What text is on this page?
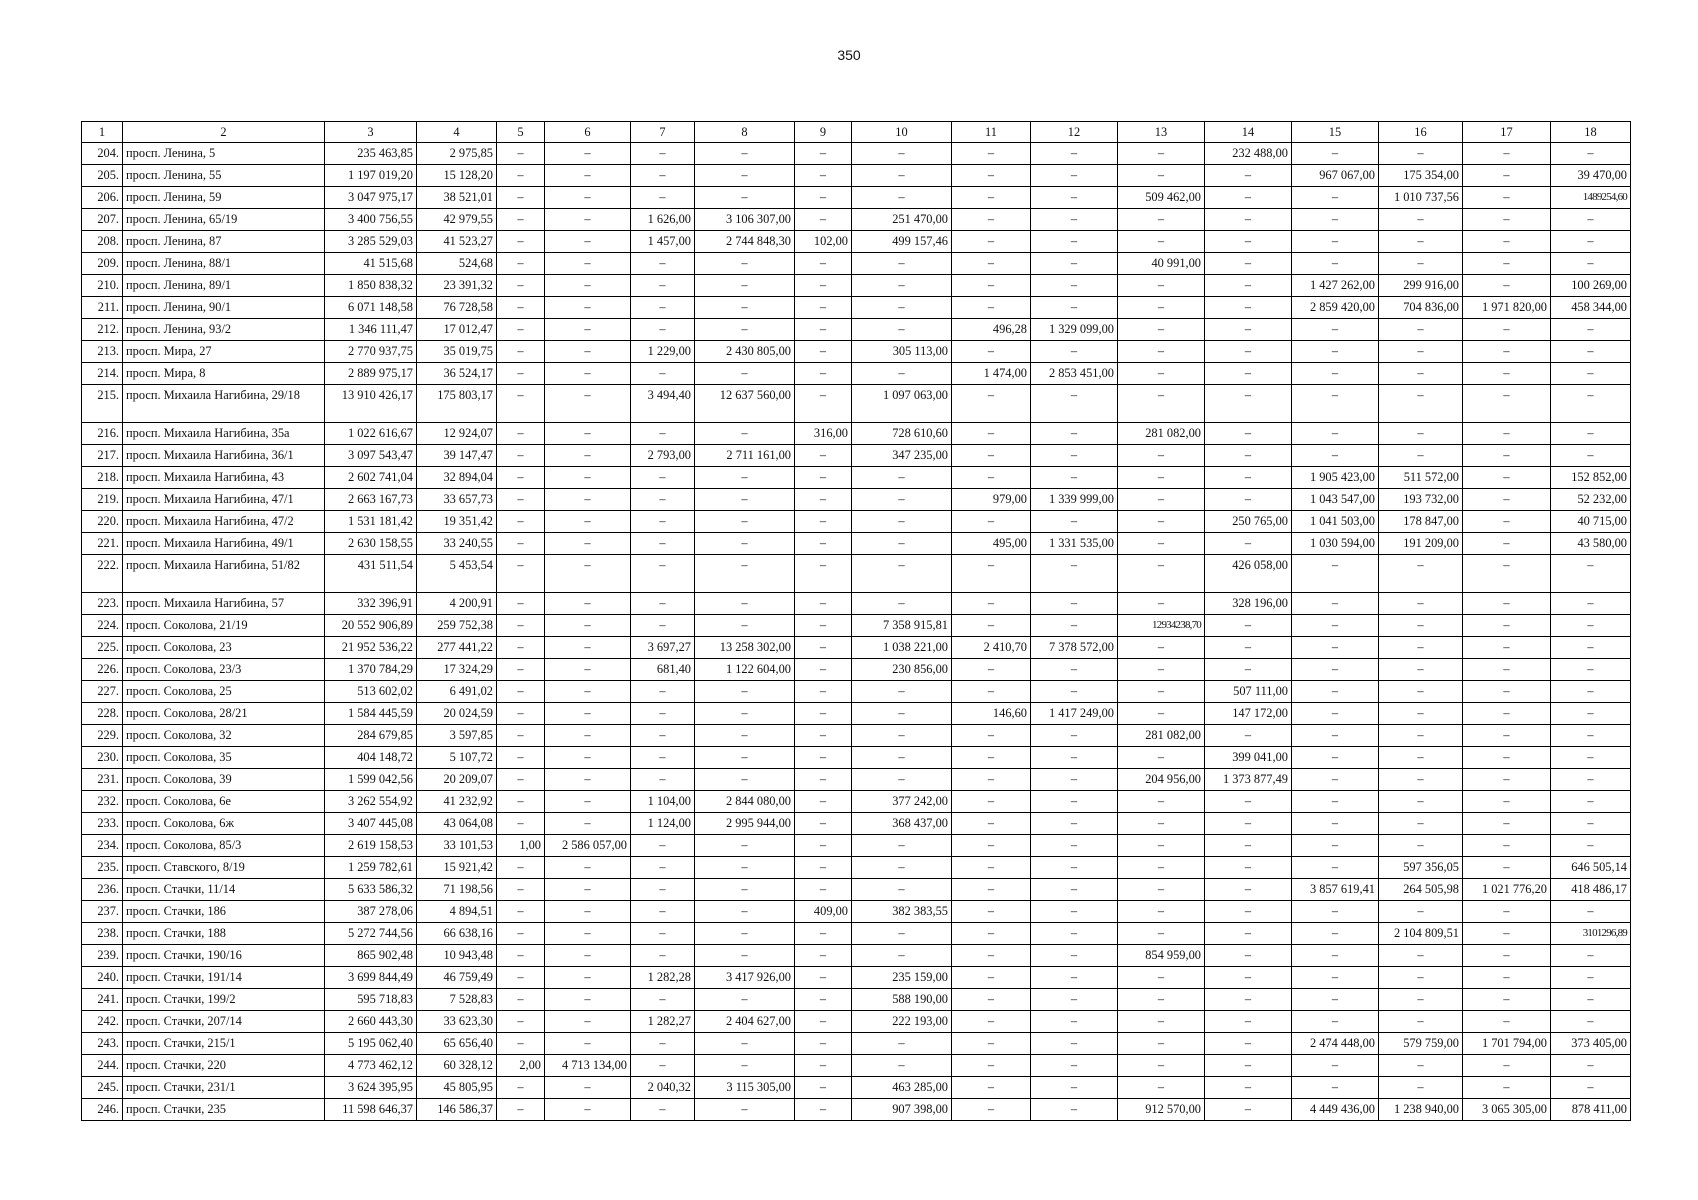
350
1	2	3	4	5	6	7	8	9	10	11	12	13	14	15	16	17	18
204.	просп. Ленина, 5	235 463,85	2 975,85	–	–	–	–	–	–	–	–	–	232 488,00	–	–	–	–
205.	просп. Ленина, 55	1 197 019,20	15 128,20	–	–	–	–	–	–	–	–	–	–	967 067,00	175 354,00	–	39 470,00
206.	просп. Ленина, 59	3 047 975,17	38 521,01	–	–	–	–	–	–	–	–	509 462,00	–	–	1 010 737,56	–	1489254,60
207.	просп. Ленина, 65/19	3 400 756,55	42 979,55	–	–	1 626,00	3 106 307,00	–	251 470,00	–	–	–	–	–	–	–	–
208.	просп. Ленина, 87	3 285 529,03	41 523,27	–	–	1 457,00	2 744 848,30	102,00	499 157,46	–	–	–	–	–	–	–	–
209.	просп. Ленина, 88/1	41 515,68	524,68	–	–	–	–	–	–	–	–	40 991,00	–	–	–	–	–
210.	просп. Ленина, 89/1	1 850 838,32	23 391,32	–	–	–	–	–	–	–	–	–	–	1 427 262,00	299 916,00	–	100 269,00
211.	просп. Ленина, 90/1	6 071 148,58	76 728,58	–	–	–	–	–	–	–	–	–	–	2 859 420,00	704 836,00	1 971 820,00	458 344,00
212.	просп. Ленина, 93/2	1 346 111,47	17 012,47	–	–	–	–	–	–	496,28	1 329 099,00	–	–	–	–	–	–
213.	просп. Мира, 27	2 770 937,75	35 019,75	–	–	1 229,00	2 430 805,00	–	305 113,00	–	–	–	–	–	–	–	–
214.	просп. Мира, 8	2 889 975,17	36 524,17	–	–	–	–	–	–	1 474,00	2 853 451,00	–	–	–	–	–	–
215.	просп. Михаила Нагибина, 29/18	13 910 426,17	175 803,17	–	–	3 494,40	12 637 560,00	–	1 097 063,00	–	–	–	–	–	–	–	–
216.	просп. Михаила Нагибина, 35а	1 022 616,67	12 924,07	–	–	–	–	316,00	728 610,60	–	–	281 082,00	–	–	–	–	–
217.	просп. Михаила Нагибина, 36/1	3 097 543,47	39 147,47	–	–	2 793,00	2 711 161,00	–	347 235,00	–	–	–	–	–	–	–	–
218.	просп. Михаила Нагибина, 43	2 602 741,04	32 894,04	–	–	–	–	–	–	–	–	–	–	1 905 423,00	511 572,00	–	152 852,00
219.	просп. Михаила Нагибина, 47/1	2 663 167,73	33 657,73	–	–	–	–	–	–	979,00	1 339 999,00	–	–	1 043 547,00	193 732,00	–	52 232,00
220.	просп. Михаила Нагибина, 47/2	1 531 181,42	19 351,42	–	–	–	–	–	–	–	–	–	250 765,00	1 041 503,00	178 847,00	–	40 715,00
221.	просп. Михаила Нагибина, 49/1	2 630 158,55	33 240,55	–	–	–	–	–	–	495,00	1 331 535,00	–	–	1 030 594,00	191 209,00	–	43 580,00
222.	просп. Михаила Нагибина, 51/82	431 511,54	5 453,54	–	–	–	–	–	–	–	–	–	426 058,00	–	–	–	–
223.	просп. Михаила Нагибина, 57	332 396,91	4 200,91	–	–	–	–	–	–	–	–	–	328 196,00	–	–	–	–
224.	просп. Соколова, 21/19	20 552 906,89	259 752,38	–	–	–	–	–	7 358 915,81	–	–	12934238,70	–	–	–	–	–
225.	просп. Соколова, 23	21 952 536,22	277 441,22	–	–	3 697,27	13 258 302,00	–	1 038 221,00	2 410,70	7 378 572,00	–	–	–	–	–	–
226.	просп. Соколова, 23/3	1 370 784,29	17 324,29	–	–	681,40	1 122 604,00	–	230 856,00	–	–	–	–	–	–	–	–
227.	просп. Соколова, 25	513 602,02	6 491,02	–	–	–	–	–	–	–	–	–	507 111,00	–	–	–	–
228.	просп. Соколова, 28/21	1 584 445,59	20 024,59	–	–	–	–	–	–	146,60	1 417 249,00	–	147 172,00	–	–	–	–
229.	просп. Соколова, 32	284 679,85	3 597,85	–	–	–	–	–	–	–	–	281 082,00	–	–	–	–	–
230.	просп. Соколова, 35	404 148,72	5 107,72	–	–	–	–	–	–	–	–	–	399 041,00	–	–	–	–
231.	просп. Соколова, 39	1 599 042,56	20 209,07	–	–	–	–	–	–	–	–	204 956,00	1 373 877,49	–	–	–	–
232.	просп. Соколова, 6е	3 262 554,92	41 232,92	–	–	1 104,00	2 844 080,00	–	377 242,00	–	–	–	–	–	–	–	–
233.	просп. Соколова, 6ж	3 407 445,08	43 064,08	–	–	1 124,00	2 995 944,00	–	368 437,00	–	–	–	–	–	–	–	–
234.	просп. Соколова, 85/3	2 619 158,53	33 101,53	1,00	2 586 057,00	–	–	–	–	–	–	–	–	–	–	–	–
235.	просп. Ставского, 8/19	1 259 782,61	15 921,42	–	–	–	–	–	–	–	–	–	–	–	597 356,05	–	646 505,14
236.	просп. Стачки, 11/14	5 633 586,32	71 198,56	–	–	–	–	–	–	–	–	–	–	3 857 619,41	264 505,98	1 021 776,20	418 486,17
237.	просп. Стачки, 186	387 278,06	4 894,51	–	–	–	–	409,00	382 383,55	–	–	–	–	–	–	–	–
238.	просп. Стачки, 188	5 272 744,56	66 638,16	–	–	–	–	–	–	–	–	–	–	–	2 104 809,51	–	3101296,89
239.	просп. Стачки, 190/16	865 902,48	10 943,48	–	–	–	–	–	–	–	–	854 959,00	–	–	–	–	–
240.	просп. Стачки, 191/14	3 699 844,49	46 759,49	–	–	1 282,28	3 417 926,00	–	235 159,00	–	–	–	–	–	–	–	–
241.	просп. Стачки, 199/2	595 718,83	7 528,83	–	–	–	–	–	588 190,00	–	–	–	–	–	–	–	–
242.	просп. Стачки, 207/14	2 660 443,30	33 623,30	–	–	1 282,27	2 404 627,00	–	222 193,00	–	–	–	–	–	–	–	–
243.	просп. Стачки, 215/1	5 195 062,40	65 656,40	–	–	–	–	–	–	–	–	–	–	2 474 448,00	579 759,00	1 701 794,00	373 405,00
244.	просп. Стачки, 220	4 773 462,12	60 328,12	2,00	4 713 134,00	–	–	–	–	–	–	–	–	–	–	–	–
245.	просп. Стачки, 231/1	3 624 395,95	45 805,95	–	–	2 040,32	3 115 305,00	–	463 285,00	–	–	–	–	–	–	–	–
246.	просп. Стачки, 235	11 598 646,37	146 586,37	–	–	–	–	–	907 398,00	–	–	912 570,00	–	4 449 436,00	1 238 940,00	3 065 305,00	878 411,00
